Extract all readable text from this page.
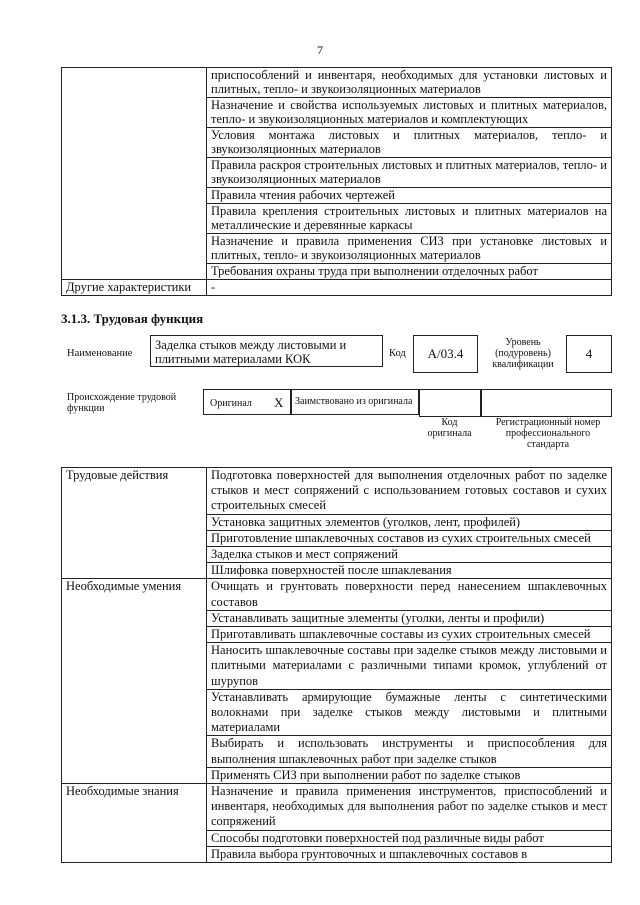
7
	приспособлений и инвентаря, необходимых для установки листовых и плитных, тепло- и звукоизоляционных материалов
	Назначение и свойства используемых листовых и плитных материалов, тепло- и звукоизоляционных материалов и комплектующих
	Условия монтажа листовых и плитных материалов, тепло- и звукоизоляционных материалов
	Правила раскроя строительных листовых и плитных материалов, тепло- и звукоизоляционных материалов
	Правила чтения рабочих чертежей
	Правила крепления строительных листовых и плитных материалов на металлические и деревянные каркасы
	Назначение и правила применения СИЗ при установке листовых и плитных, тепло- и звукоизоляционных материалов
	Требования охраны труда при выполнении отделочных работ
Другие характеристики	-
3.1.3. Трудовая функция
Наименование
Заделка стыков между листовыми и плитными материалами КОК	Код	A/03.4
Уровень (подуровень) квалификации
4
Происхождение трудовой функции	Оригинал X	Заимствовано из оригинала
Код оригинала
Регистрационный номер профессионального стандарта
Трудовые действия	Подготовка поверхностей для выполнения отделочных работ по заделке стыков и мест сопряжений с использованием готовых составов и сухих строительных смесей
	Установка защитных элементов (уголков, лент, профилей)
	Приготовление шпаклевочных составов из сухих строительных смесей
	Заделка стыков и мест сопряжений
	Шлифовка поверхностей после шпаклевания
Необходимые умения	Очищать и грунтовать поверхности перед нанесением шпаклевочных составов
	Устанавливать защитные элементы (уголки, ленты и профили)
	Приготавливать шпаклевочные составы из сухих строительных смесей
	Наносить шпаклевочные составы при заделке стыков между листовыми и плитными материалами с различными типами кромок, углублений от шурупов
	Устанавливать армирующие бумажные ленты с синтетическими волокнами при заделке стыков между листовыми и плитными материалами
	Выбирать и использовать инструменты и приспособления для выполнения шпаклевочных работ при заделке стыков
	Применять СИЗ при выполнении работ по заделке стыков
Необходимые знания	Назначение и правила применения инструментов, приспособлений и инвентаря, необходимых для выполнения работ по заделке стыков и мест сопряжений
	Способы подготовки поверхностей под различные виды работ
	Правила выбора грунтовочных и шпаклевочных составов в
